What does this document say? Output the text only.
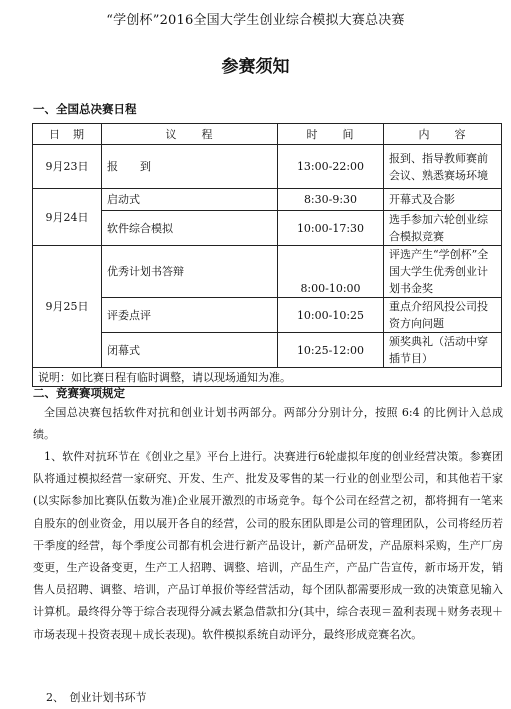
“学创杯”2016全国大学生创业综合模拟大赛总决赛
参赛须知
一、全国总决赛日程
日　期	议　　程	时　　间	内　　容
9月23日	报　　到	13:00-22:00	报到、指导教师赛前会议、熟悉赛场环境
9月24日	启动式	8:30-9:30	开幕式及合影
	软件综合模拟	10:00-17:30	选手参加六轮创业综合模拟竞赛
9月25日	优秀计划书答辩	8:00-10:00	评选产生“学创杯”全国大学生优秀创业计划书金奖
	评委点评	10:00-10:25	重点介绍风投公司投资方向问题
	闭幕式	10:25-12:00	颁奖典礼（活动中穿插节目）
说明：如比赛日程有临时调整，请以现场通知为准。			
二、竞赛赛项规定

全国总决赛包括软件对抗和创业计划书两部分。两部分分别计分，按照 6:4 的比例计入总成绩。

1、软件对抗环节在《创业之星》平台上进行。决赛进行6轮虚拟年度的创业经营决策。参赛团队将通过模拟经营一家研究、开发、生产、批发及零售的某一行业的创业型公司，和其他若干家(以实际参加比赛队伍数为准)企业展开激烈的市场竞争。每个公司在经营之初，都将拥有一笔来自股东的创业资金，用以展开各自的经营，公司的股东团队即是公司的管理团队，公司将经历若干季度的经营，每个季度公司都有机会进行新产品设计，新产品研发，产品原料采购，生产厂房变更，生产设备变更，生产工人招聘、调整、培训，产品生产，产品广告宣传，新市场开发，销售人员招聘、调整、培训，产品订单报价等经营活动，每个团队都需要形成一致的决策意见输入计算机。最终得分等于综合表现得分减去紧急借款扣分(其中，综合表现＝盈利表现＋财务表现＋市场表现＋投资表现＋成长表现)。软件模拟系统自动评分，最终形成竞赛名次。

2、　创业计划书环节
